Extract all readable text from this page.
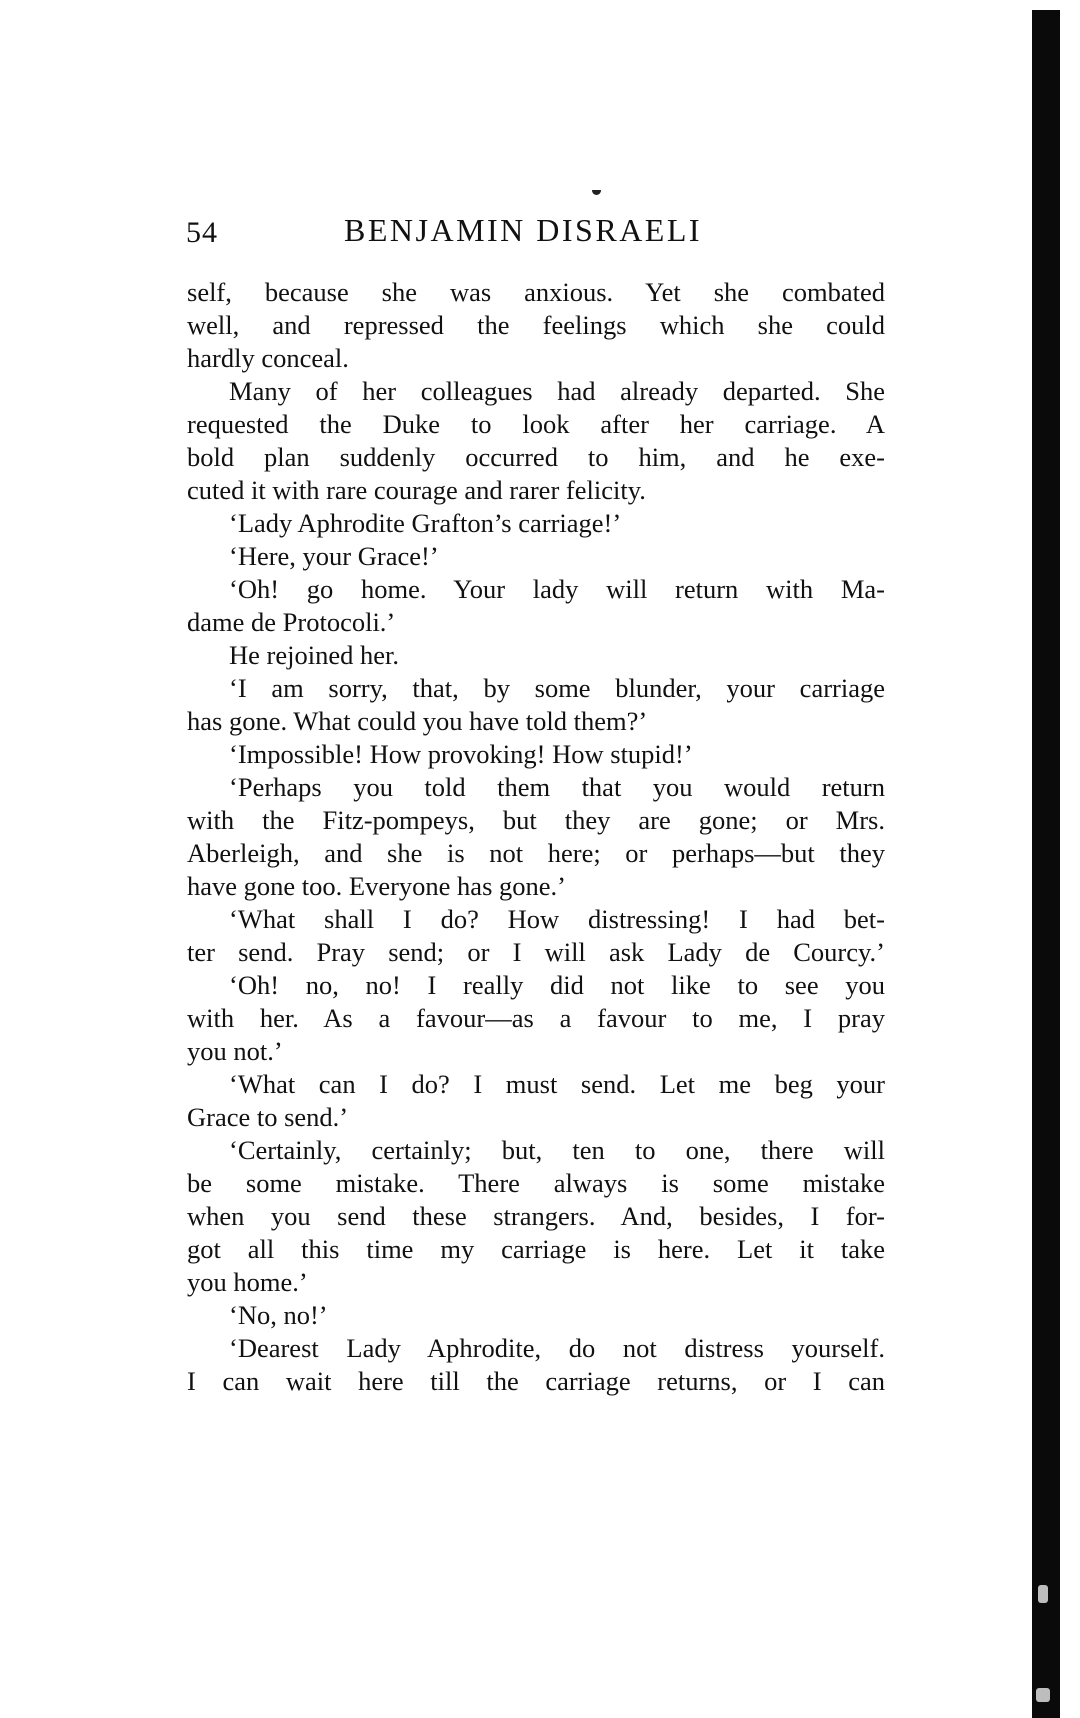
54	BENJAMIN DISRAELI
self, because she was anxious. Yet she combated
well, and repressed the feelings which she could
hardly conceal.
Many of her colleagues had already departed. She
requested the Duke to look after her carriage. A
bold plan suddenly occurred to him, and he exe-
cuted it with rare courage and rarer felicity.
‘Lady Aphrodite Grafton’s carriage!’
‘Here, your Grace!’
‘Oh! go home. Your lady will return with Ma-
dame de Protocoli.’
He rejoined her.
‘I am sorry, that, by some blunder, your carriage
has gone. What could you have told them?’
‘Impossible! How provoking! How stupid!’
‘Perhaps you told them that you would return
with the Fitz-pompeys, but they are gone; or Mrs.
Aberleigh, and she is not here; or perhaps—but they
have gone too. Everyone has gone.’
‘What shall I do? How distressing! I had bet-
ter send. Pray send; or I will ask Lady de Courcy.’
‘Oh! no, no! I really did not like to see you
with her. As a favour—as a favour to me, I pray
you not.’
‘What can I do? I must send. Let me beg your
Grace to send.’
‘Certainly, certainly; but, ten to one, there will
be some mistake. There always is some mistake
when you send these strangers. And, besides, I for-
got all this time my carriage is here. Let it take
you home.’
‘No, no!’
‘Dearest Lady Aphrodite, do not distress yourself.
I can wait here till the carriage returns, or I can
